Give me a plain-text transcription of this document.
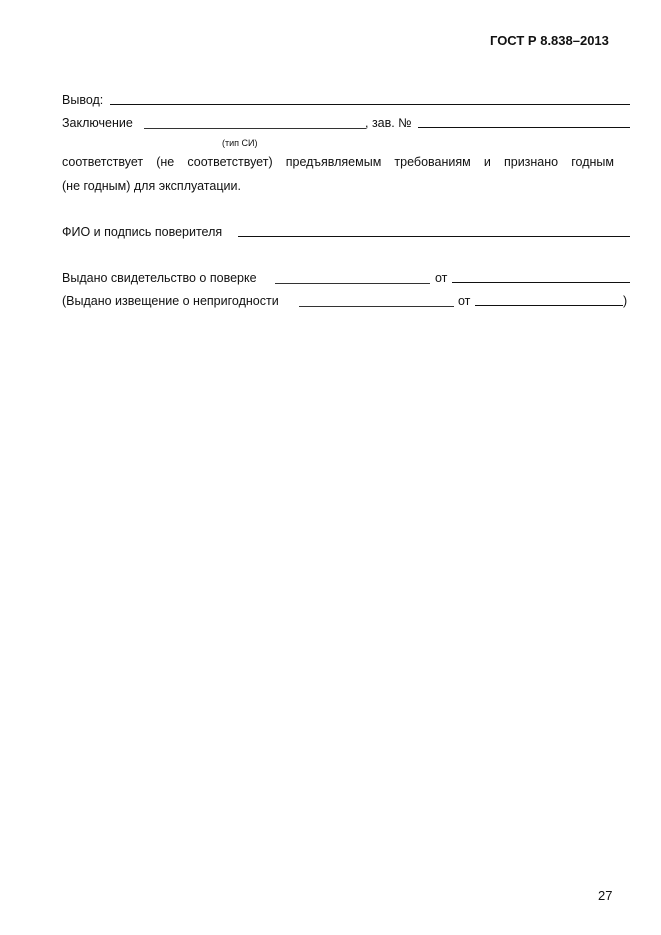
ГОСТ Р 8.838–2013
Вывод:
Заключение	, зав. №
(тип СИ)
соответствует (не соответствует) предъявляемым требованиям и признано годным
(не годным) для эксплуатации.
ФИО и подпись поверителя
Выдано свидетельство о поверке	от
(Выдано извещение о непригодности	от	)
27
